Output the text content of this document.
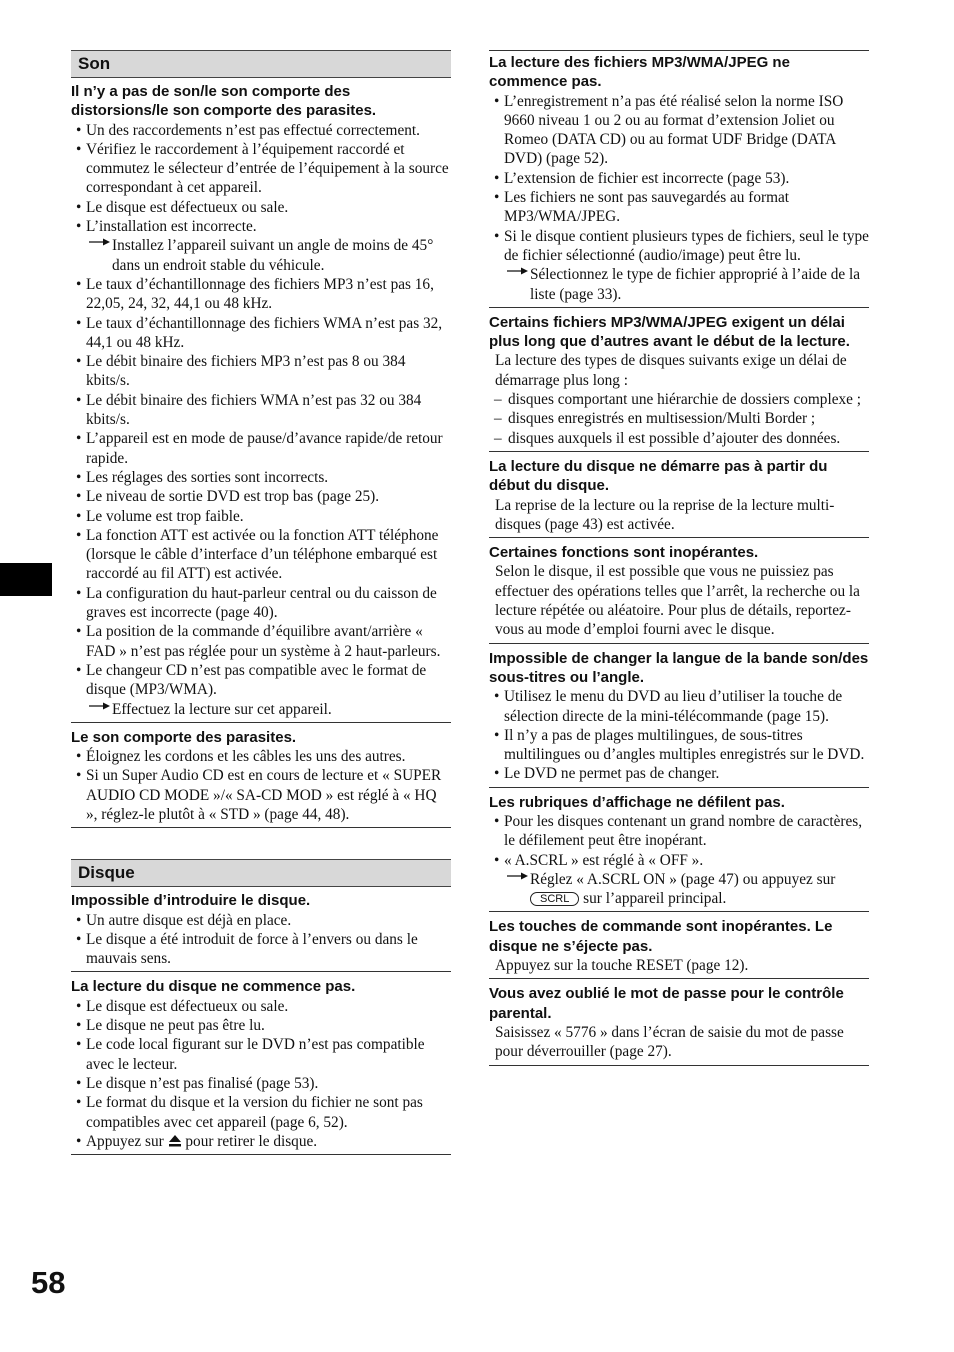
Son
Il n’y a pas de son/le son comporte des distorsions/le son comporte des parasites.
• Un des raccordements n’est pas effectué correctement.
• Vérifiez le raccordement à l’équipement raccordé et commutez le sélecteur d’entrée de l’équipement à la source correspondant à cet appareil.
• Le disque est défectueux ou sale.
• L’installation est incorrecte.
Installez l’appareil suivant un angle de moins de 45° dans un endroit stable du véhicule.
• Le taux d’échantillonnage des fichiers MP3 n’est pas 16, 22,05, 24, 32, 44,1 ou 48 kHz.
• Le taux d’échantillonnage des fichiers WMA n’est pas 32, 44,1 ou 48 kHz.
• Le débit binaire des fichiers MP3 n’est pas 8 ou 384 kbits/s.
• Le débit binaire des fichiers WMA n’est pas 32 ou 384 kbits/s.
• L’appareil est en mode de pause/d’avance rapide/de retour rapide.
• Les réglages des sorties sont incorrects.
• Le niveau de sortie DVD est trop bas (page 25).
• Le volume est trop faible.
• La fonction ATT est activée ou la fonction ATT téléphone (lorsque le câble d’interface d’un téléphone embarqué est raccordé au fil ATT) est activée.
• La configuration du haut-parleur central ou du caisson de graves est incorrecte (page 40).
• La position de la commande d’équilibre avant/arrière « FAD » n’est pas réglée pour un système à 2 haut-parleurs.
• Le changeur CD n’est pas compatible avec le format de disque (MP3/WMA).
Effectuez la lecture sur cet appareil.
Le son comporte des parasites.
• Éloignez les cordons et les câbles les uns des autres.
• Si un Super Audio CD est en cours de lecture et « SUPER AUDIO CD MODE »/« SA-CD MOD » est réglé à « HQ », réglez-le plutôt à « STD » (page 44, 48).
Disque
Impossible d’introduire le disque.
• Un autre disque est déjà en place.
• Le disque a été introduit de force à l’envers ou dans le mauvais sens.
La lecture du disque ne commence pas.
• Le disque est défectueux ou sale.
• Le disque ne peut pas être lu.
• Le code local figurant sur le DVD n’est pas compatible avec le lecteur.
• Le disque n’est pas finalisé (page 53).
• Le format du disque et la version du fichier ne sont pas compatibles avec cet appareil (page 6, 52).
• Appuyez sur pour retirer le disque.
La lecture des fichiers MP3/WMA/JPEG ne commence pas.
• L’enregistrement n’a pas été réalisé selon la norme ISO 9660 niveau 1 ou 2 ou au format d’extension Joliet ou Romeo (DATA CD) ou au format UDF Bridge (DATA DVD) (page 52).
• L’extension de fichier est incorrecte (page 53).
• Les fichiers ne sont pas sauvegardés au format MP3/WMA/JPEG.
• Si le disque contient plusieurs types de fichiers, seul le type de fichier sélectionné (audio/image) peut être lu.
Sélectionnez le type de fichier approprié à l’aide de la liste (page 33).
Certains fichiers MP3/WMA/JPEG exigent un délai plus long que d’autres avant le début de la lecture.
La lecture des types de disques suivants exige un délai de démarrage plus long :
– disques comportant une hiérarchie de dossiers complexe ;
– disques enregistrés en multisession/Multi Border ;
– disques auxquels il est possible d’ajouter des données.
La lecture du disque ne démarre pas à partir du début du disque.
La reprise de la lecture ou la reprise de la lecture multi-disques (page 43) est activée.
Certaines fonctions sont inopérantes.
Selon le disque, il est possible que vous ne puissiez pas effectuer des opérations telles que l’arrêt, la recherche ou la lecture répétée ou aléatoire. Pour plus de détails, reportez-vous au mode d’emploi fourni avec le disque.
Impossible de changer la langue de la bande son/des sous-titres ou l’angle.
• Utilisez le menu du DVD au lieu d’utiliser la touche de sélection directe de la mini-télécommande (page 15).
• Il n’y a pas de plages multilingues, de sous-titres multilingues ou d’angles multiples enregistrés sur le DVD.
• Le DVD ne permet pas de changer.
Les rubriques d’affichage ne défilent pas.
• Pour les disques contenant un grand nombre de caractères, le défilement peut être inopérant.
• « A.SCRL » est réglé à « OFF ».
Réglez « A.SCRL ON » (page 47) ou appuyez sur SCRL sur l’appareil principal.
Les touches de commande sont inopérantes. Le disque ne s’éjecte pas.
Appuyez sur la touche RESET (page 12).
Vous avez oublié le mot de passe pour le contrôle parental.
Saisissez « 5776 » dans l’écran de saisie du mot de passe pour déverrouiller (page 27).
58
